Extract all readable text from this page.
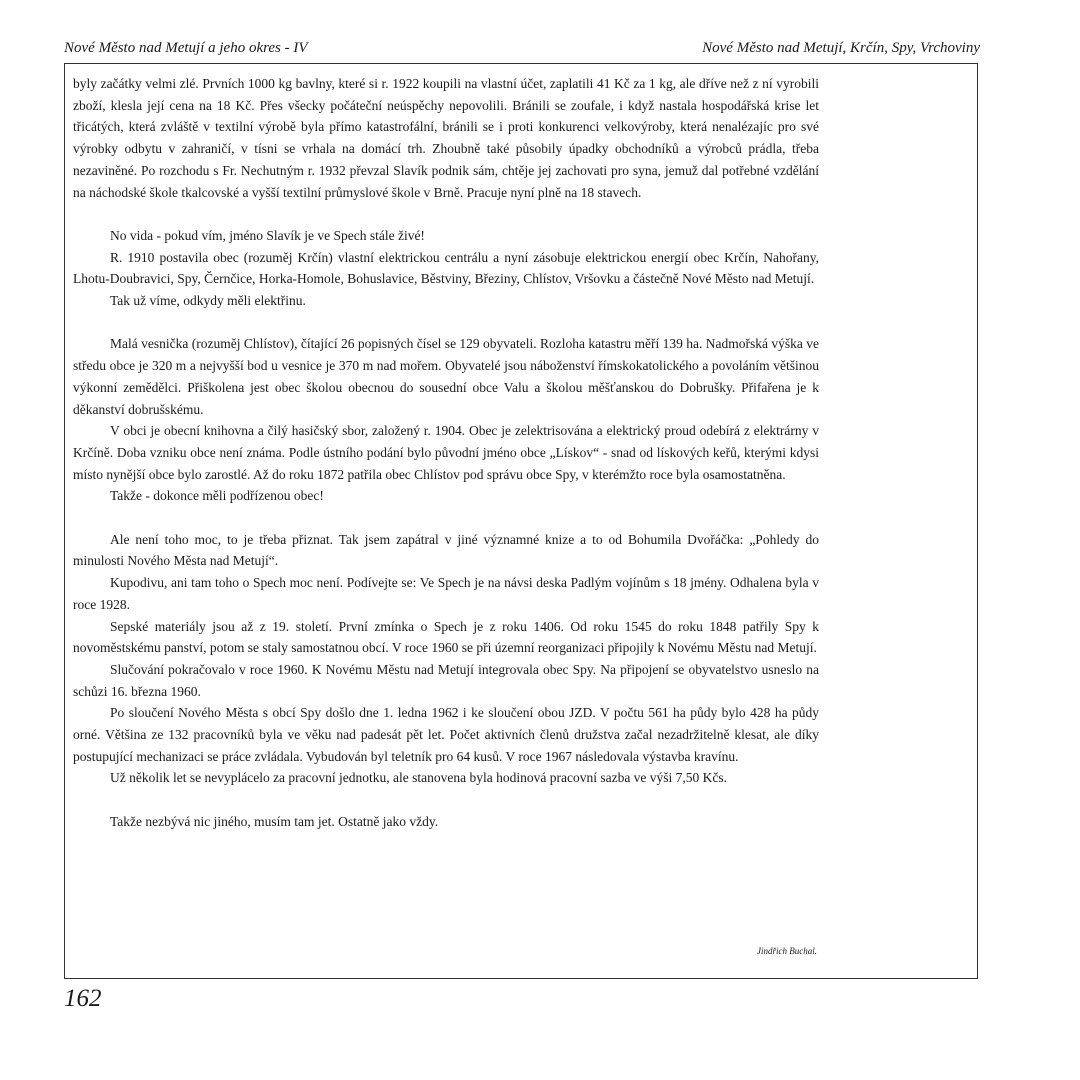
Nové Město nad Metují a jeho okres - IV	Nové Město nad Metují, Krčín, Spy, Vrchoviny

byly začátky velmi zlé. Prvních 1000 kg bavlny, které si r. 1922 koupili na vlastní účet, zaplatili 41 Kč za 1 kg, ale dříve než z ní vyrobili zboží, klesla její cena na 18 Kč. Přes všecky počáteční neúspěchy nepovolili. Bránili se zoufale, i když nastala hospodářská krise let třicátých, která zvláště v textilní výrobě byla přímo katastrofální, bránili se i proti konkurenci velkovýroby, která nenalézajíc pro své výrobky odbytu v zahraničí, v tísni se vrhala na domácí trh. Zhoubně také působily úpadky obchodníků a výrobců prádla, třeba nezaviněné. Po rozchodu s Fr. Nechutným r. 1932 převzal Slavík podnik sám, chtěje jej zachovati pro syna, jemuž dal potřebné vzdělání na náchodské škole tkalcovské a vyšší textilní průmyslové škole v Brně. Pracuje nyní plně na 18 stavech.

No vida - pokud vím, jméno Slavík je ve Spech stále živé!

R. 1910 postavila obec (rozuměj Krčín) vlastní elektrickou centrálu a nyní zásobuje elektrickou energií obec Krčín, Nahořany, Lhotu-Doubravici, Spy, Černčice, Horka-Homole, Bohuslavice, Běstviny, Březiny, Chlístov, Vršovku a částečně Nové Město nad Metují.

Tak už víme, odkydy měli elektřinu.

Malá vesnička (rozuměj Chlístov), čítající 26 popisných čísel se 129 obyvateli. Rozloha katastru měří 139 ha. Nadmořská výška ve středu obce je 320 m a nejvyšší bod u vesnice je 370 m nad mořem. Obyvatelé jsou náboženství římskokatolického a povoláním většinou výkonní zemědělci. Přiškolena jest obec školou obecnou do sousední obce Valu a školou měšťanskou do Dobrušky. Přifařena je k děkanství dobrušskému.

V obci je obecní knihovna a čilý hasičský sbor, založený r. 1904. Obec je zelektrisována a elektrický proud odebírá z elektrárny v Krčíně. Doba vzniku obce není známa. Podle ústního podání bylo původní jméno obce „Lískov“ - snad od lískových keřů, kterými kdysi místo nynější obce bylo zarostlé. Až do roku 1872 patřila obec Chlístov pod správu obce Spy, v kterémžto roce byla osamostatněna.

Takže - dokonce měli podřízenou obec!

Ale není toho moc, to je třeba přiznat. Tak jsem zapátral v jiné významné knize a to od Bohumila Dvořáčka: „Pohledy do minulosti Nového Města nad Metují“.

Kupodivu, ani tam toho o Spech moc není. Podívejte se: Ve Spech je na návsi deska Padlým vojínům s 18 jmény. Odhalena byla v roce 1928.

Sepské materiály jsou až z 19. století. První zmínka o Spech je z roku 1406. Od roku 1545 do roku 1848 patřily Spy k novoměstskému panství, potom se staly samostatnou obcí. V roce 1960 se při územní reorganizaci připojily k Novému Městu nad Metují.

Slučování pokračovalo v roce 1960. K Novému Městu nad Metují integrovala obec Spy. Na připojení se obyvatelstvo usneslo na schůzi 16. března 1960.

Po sloučení Nového Města s obcí Spy došlo dne 1. ledna 1962 i ke sloučení obou JZD. V počtu 561 ha půdy bylo 428 ha půdy orné. Většina ze 132 pracovníků byla ve věku nad padesát pět let. Počet aktivních členů družstva začal nezadržitelně klesat, ale díky postupující mechanizaci se práce zvládala. Vybudován byl teletník pro 64 kusů. V roce 1967 následovala výstavba kravínu.

Už několik let se nevyplácelo za pracovní jednotku, ale stanovena byla hodinová pracovní sazba ve výši 7,50 Kčs.

Takže nezbývá nic jiného, musím tam jet. Ostatně jako vždy.

Jindřich Buchal.
162
